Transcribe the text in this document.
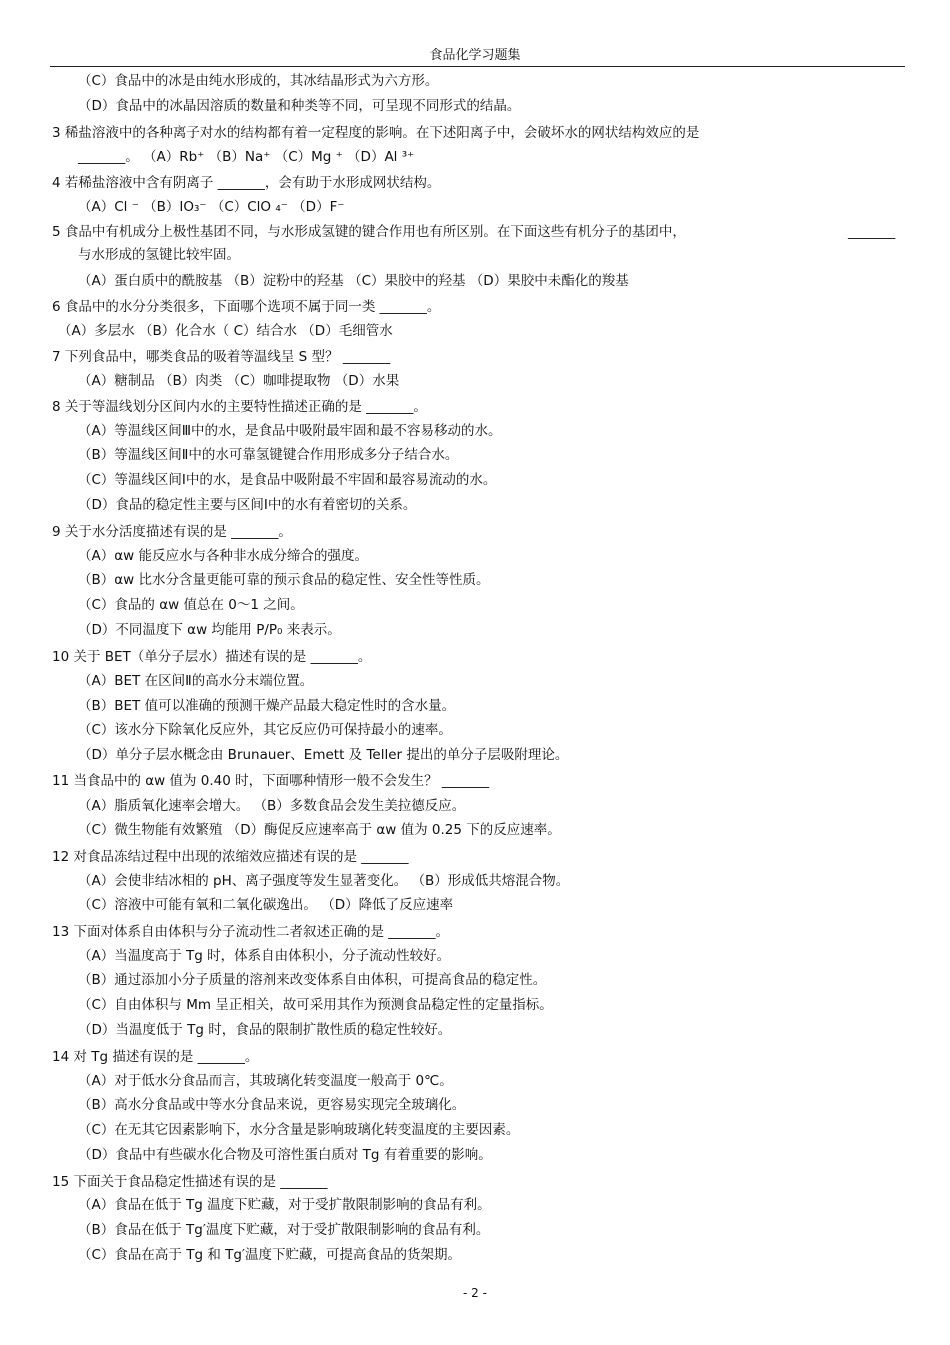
食品化学习题集
（C）食品中的冰是由纯水形成的，其冰结晶形式为六方形。
（D）食品中的冰晶因溶质的数量和种类等不同，可呈现不同形式的结晶。
3 稀盐溶液中的各种离子对水的结构都有着一定程度的影响。在下述阳离子中，会破坏水的网状结构效应的是
_______。 （A）Rb⁺ （B）Na⁺ （C）Mg ⁺ （D）Al ³⁺
4 若稀盐溶液中含有阴离子 _______，会有助于水形成网状结构。
（A）Cl ⁻ （B）IO₃⁻ （C）ClO ₄⁻ （D）F⁻
5 食品中有机成分上极性基团不同，与水形成氢键的键合作用也有所区别。在下面这些有机分子的基团中，	_______
与水形成的氢键比较牢固。
（A）蛋白质中的酰胺基 （B）淀粉中的羟基 （C）果胶中的羟基 （D）果胶中未酯化的羧基
6 食品中的水分分类很多，下面哪个选项不属于同一类 _______。
（A）多层水 （B）化合水（ C）结合水 （D）毛细管水
7 下列食品中，哪类食品的吸着等温线呈 S 型？ _______
（A）糖制品 （B）肉类 （C）咖啡提取物 （D）水果
8 关于等温线划分区间内水的主要特性描述正确的是 _______。
（A）等温线区间Ⅲ中的水，是食品中吸附最牢固和最不容易移动的水。
（B）等温线区间Ⅱ中的水可靠氢键键合作用形成多分子结合水。
（C）等温线区间Ⅰ中的水，是食品中吸附最不牢固和最容易流动的水。
（D）食品的稳定性主要与区间Ⅰ中的水有着密切的关系。
9 关于水分活度描述有误的是 _______。
（A）αw 能反应水与各种非水成分缔合的强度。
（B）αw 比水分含量更能可靠的预示食品的稳定性、安全性等性质。
（C）食品的 αw 值总在 0～1 之间。
（D）不同温度下 αw 均能用 P/P₀ 来表示。
10 关于 BET（单分子层水）描述有误的是 _______。
（A）BET 在区间Ⅱ的高水分末端位置。
（B）BET 值可以准确的预测干燥产品最大稳定性时的含水量。
（C）该水分下除氧化反应外，其它反应仍可保持最小的速率。
（D）单分子层水概念由 Brunauer、Emett 及 Teller 提出的单分子层吸附理论。
11 当食品中的 αw 值为 0.40 时，下面哪种情形一般不会发生？ _______
（A）脂质氧化速率会增大。 （B）多数食品会发生美拉德反应。
（C）微生物能有效繁殖 （D）酶促反应速率高于 αw 值为 0.25 下的反应速率。
12 对食品冻结过程中出现的浓缩效应描述有误的是 _______
（A）会使非结冰相的 pH、离子强度等发生显著变化。 （B）形成低共熔混合物。
（C）溶液中可能有氧和二氧化碳逸出。 （D）降低了反应速率
13 下面对体系自由体积与分子流动性二者叙述正确的是 _______。
（A）当温度高于 Tg 时，体系自由体积小，分子流动性较好。
（B）通过添加小分子质量的溶剂来改变体系自由体积，可提高食品的稳定性。
（C）自由体积与 Mm 呈正相关，故可采用其作为预测食品稳定性的定量指标。
（D）当温度低于 Tg 时，食品的限制扩散性质的稳定性较好。
14 对 Tg 描述有误的是 _______。
（A）对于低水分食品而言，其玻璃化转变温度一般高于 0℃。
（B）高水分食品或中等水分食品来说，更容易实现完全玻璃化。
（C）在无其它因素影响下，水分含量是影响玻璃化转变温度的主要因素。
（D）食品中有些碳水化合物及可溶性蛋白质对 Tg 有着重要的影响。
15 下面关于食品稳定性描述有误的是 _______
（A）食品在低于 Tg 温度下贮藏，对于受扩散限制影响的食品有利。
（B）食品在低于 Tg′温度下贮藏，对于受扩散限制影响的食品有利。
（C）食品在高于 Tg 和 Tg′温度下贮藏，可提高食品的货架期。
- 2 -
